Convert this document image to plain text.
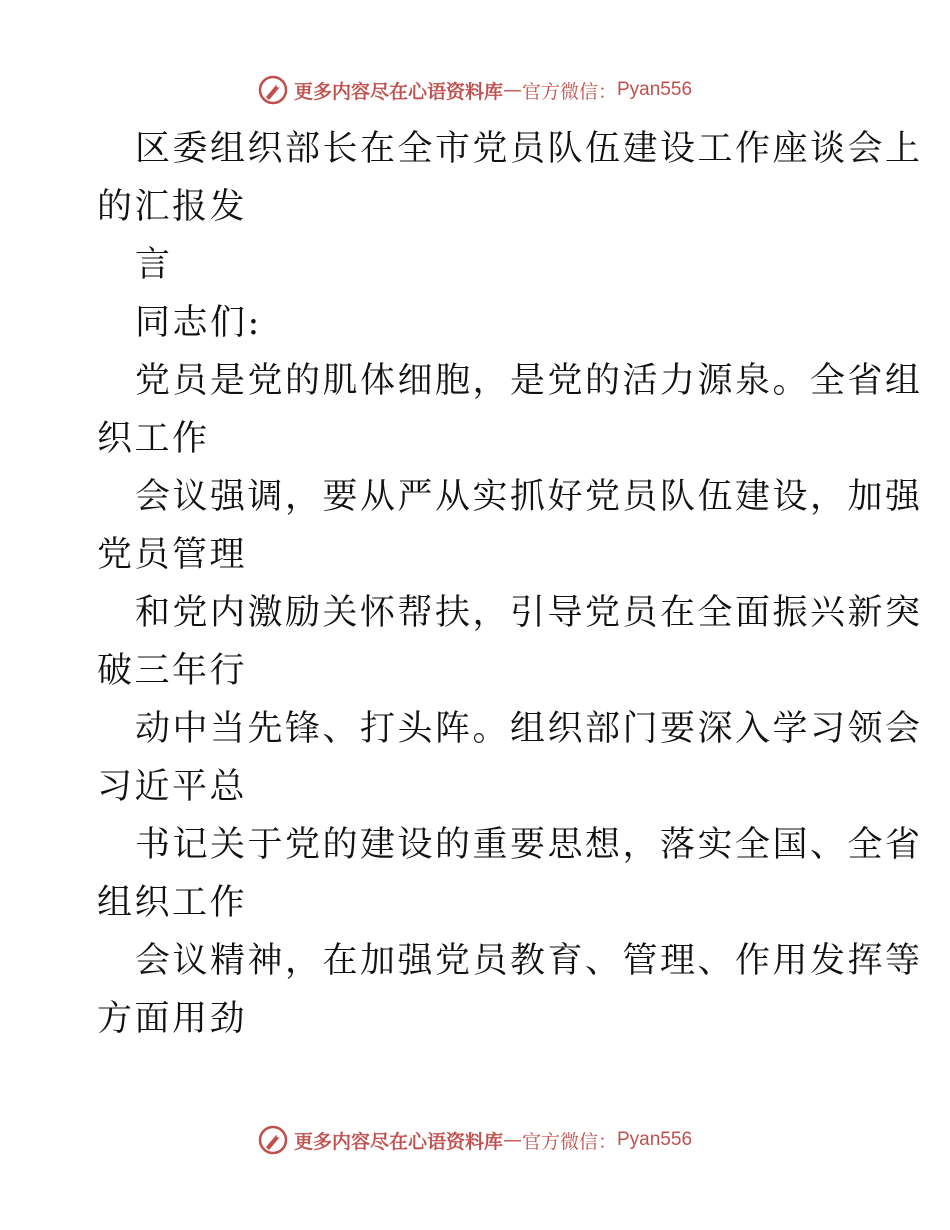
更多内容尽在心语资料库 — 官方微信： Pyan556
区委组织部长在全市党员队伍建设工作座谈会上
的汇报发
言
同志们:
党员是党的肌体细胞，是党的活力源泉。全省组
织工作
会议强调，要从严从实抓好党员队伍建设，加强
党员管理
和党内激励关怀帮扶，引导党员在全面振兴新突
破三年行
动中当先锋、打头阵。组织部门要深入学习领会
习近平总
书记关于党的建设的重要思想，落实全国、全省
组织工作
会议精神，在加强党员教育、管理、作用发挥等
方面用劲
更多内容尽在心语资料库 — 官方微信： Pyan556
